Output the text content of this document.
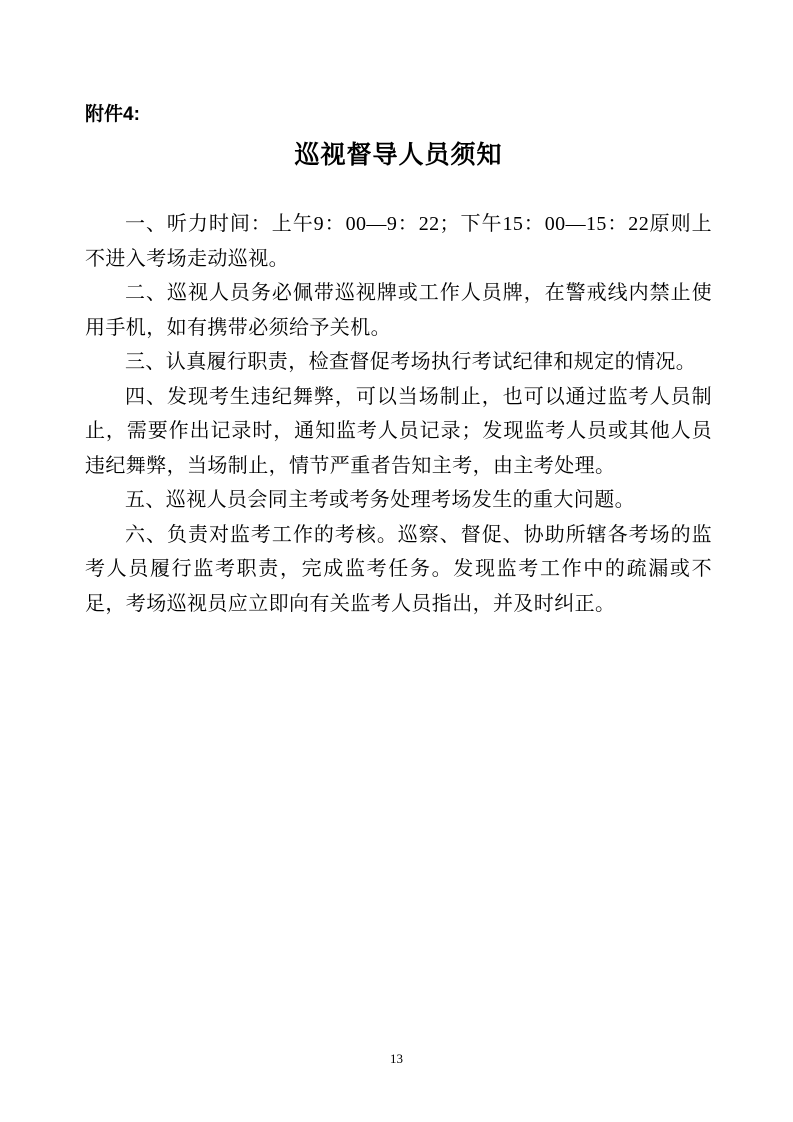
附件4:
巡视督导人员须知

一、听力时间：上午9：00—9：22；下午15：00—15：22原则上不进入考场走动巡视。

二、巡视人员务必佩带巡视牌或工作人员牌，在警戒线内禁止使用手机，如有携带必须给予关机。

三、认真履行职责，检查督促考场执行考试纪律和规定的情况。

四、发现考生违纪舞弊，可以当场制止，也可以通过监考人员制止，需要作出记录时，通知监考人员记录；发现监考人员或其他人员违纪舞弊，当场制止，情节严重者告知主考，由主考处理。

五、巡视人员会同主考或考务处理考场发生的重大问题。

六、负责对监考工作的考核。巡察、督促、协助所辖各考场的监考人员履行监考职责，完成监考任务。发现监考工作中的疏漏或不足，考场巡视员应立即向有关监考人员指出，并及时纠正。

13
